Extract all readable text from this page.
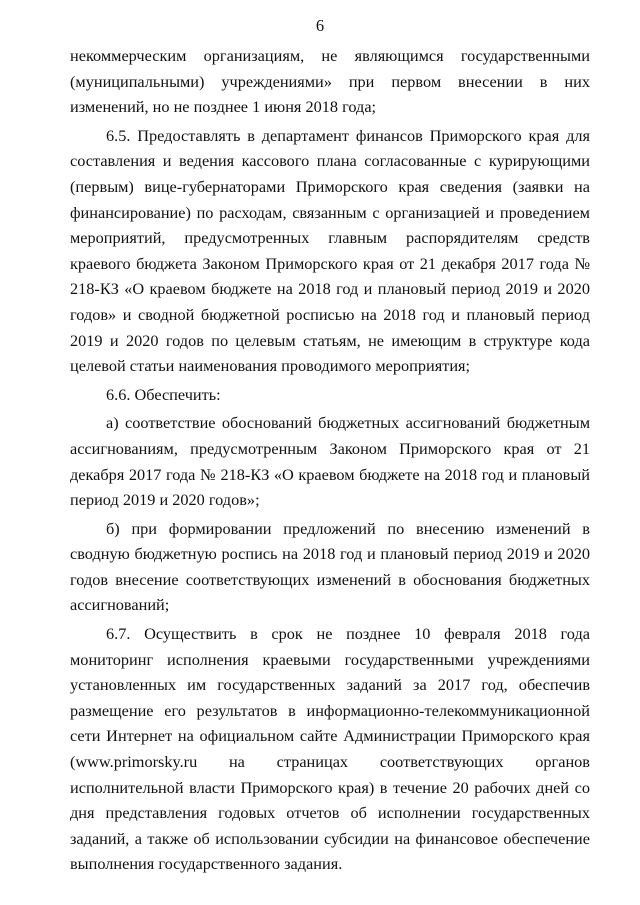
6

некоммерческим организациям, не являющимся государственными (муниципальными) учреждениями» при первом внесении в них изменений, но не позднее 1 июня 2018 года;

6.5. Предоставлять в департамент финансов Приморского края для составления и ведения кассового плана согласованные с курирующими (первым) вице-губернаторами Приморского края сведения (заявки на финансирование) по расходам, связанным с организацией и проведением мероприятий, предусмотренных главным распорядителям средств краевого бюджета Законом Приморского края от 21 декабря 2017 года № 218-КЗ «О краевом бюджете на 2018 год и плановый период 2019 и 2020 годов» и сводной бюджетной росписью на 2018 год и плановый период 2019 и 2020 годов по целевым статьям, не имеющим в структуре кода целевой статьи наименования проводимого мероприятия;

6.6. Обеспечить:

а) соответствие обоснований бюджетных ассигнований бюджетным ассигнованиям, предусмотренным Законом Приморского края от 21 декабря 2017 года № 218-КЗ «О краевом бюджете на 2018 год и плановый период 2019 и 2020 годов»;

б) при формировании предложений по внесению изменений в сводную бюджетную роспись на 2018 год и плановый период 2019 и 2020 годов внесение соответствующих изменений в обоснования бюджетных ассигнований;

6.7. Осуществить в срок не позднее 10 февраля 2018 года мониторинг исполнения краевыми государственными учреждениями установленных им государственных заданий за 2017 год, обеспечив размещение его результатов в информационно-телекоммуникационной сети Интернет на официальном сайте Администрации Приморского края (www.primorsky.ru на страницах соответствующих органов исполнительной власти Приморского края) в течение 20 рабочих дней со дня представления годовых отчетов об исполнении государственных заданий, а также об использовании субсидии на финансовое обеспечение выполнения государственного задания.
